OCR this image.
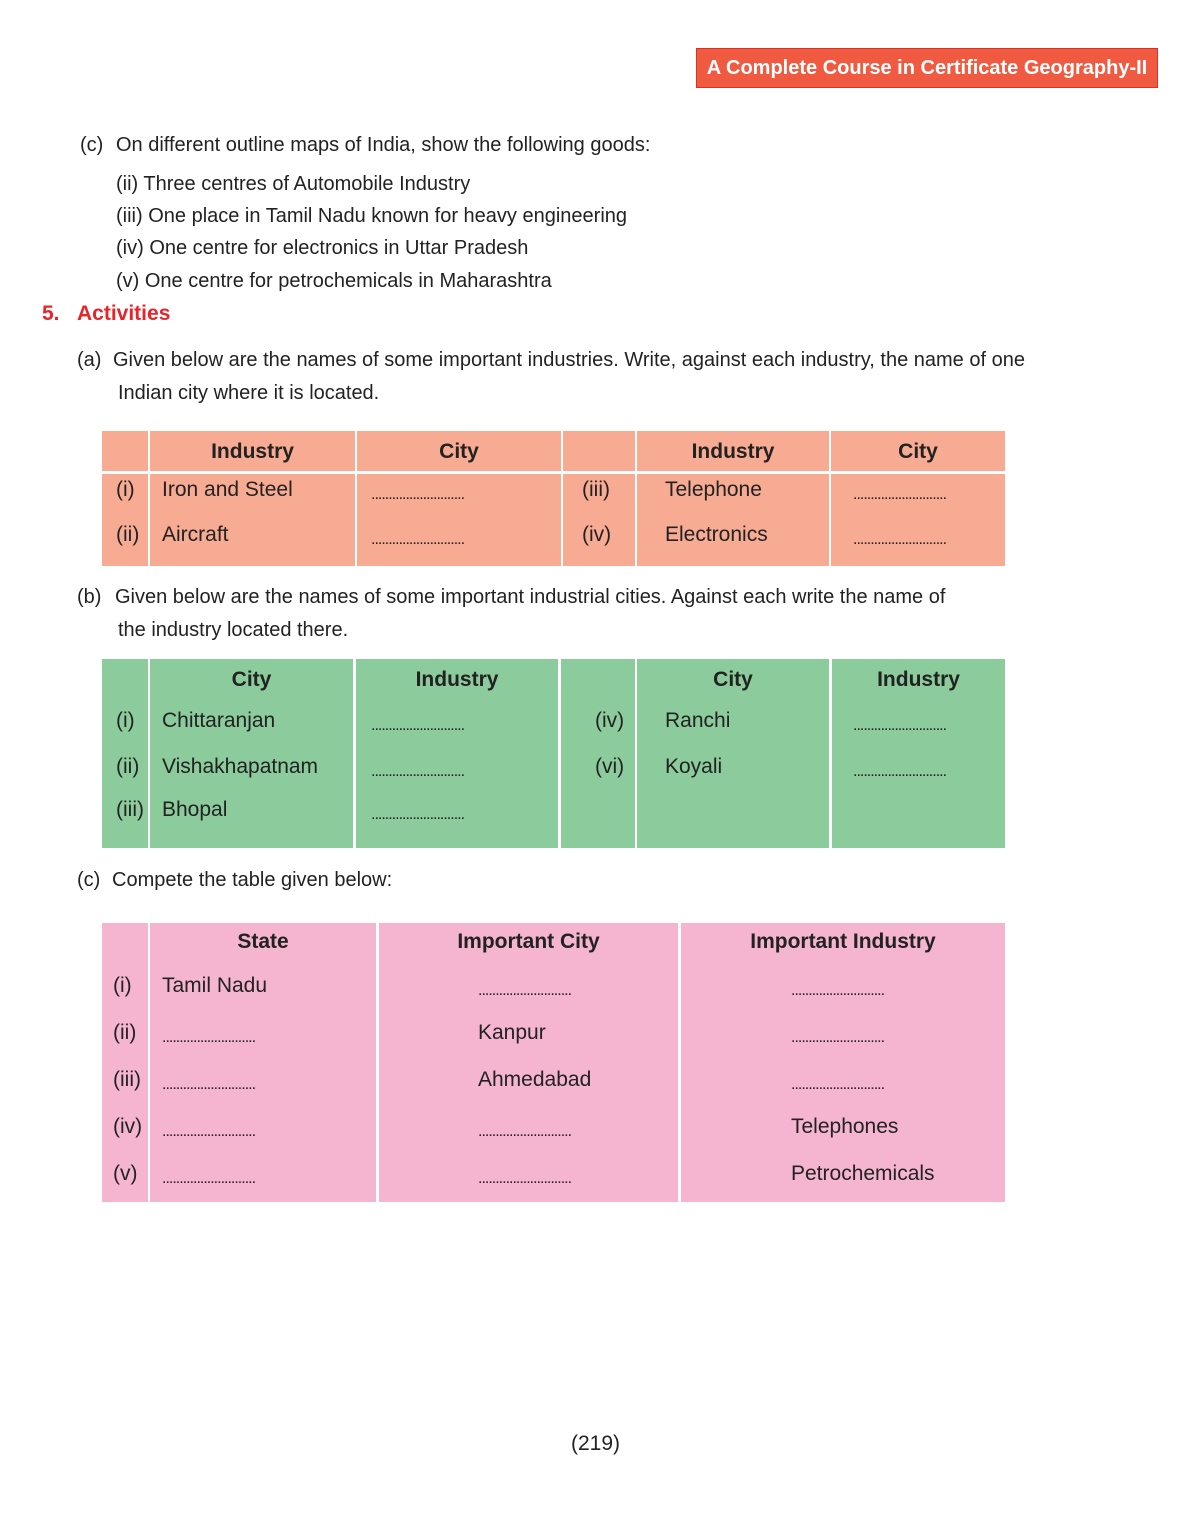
A Complete Course in Certificate Geography-II
(c) On different outline maps of India, show the following goods:
(ii) Three centres of Automobile Industry
(iii) One place in Tamil Nadu known for heavy engineering
(iv) One centre for electronics in Uttar Pradesh
(v) One centre for petrochemicals in Maharashtra
5. Activities
(a) Given below are the names of some important industries. Write, against each industry, the name of one
Indian city where it is located.
Industry	City	Industry	City
(i) Iron and Steel	...........................	(iii)	Telephone	...........................
(ii) Aircraft	...........................	(iv)	Electronics	...........................
(b) Given below are the names of some important industrial cities. Against each write the name of
the industry located there.
City	Industry	City	Industry
(i) Chittaranjan	...........................	(iv) Ranchi	...........................
(ii) Vishakhapatnam	...........................	(vi) Koyali	...........................
(iii) Bhopal	...........................
(c) Compete the table given below:
State	Important City	Important Industry
(i) Tamil Nadu	...........................	...........................
(ii) ...........................	Kanpur	...........................
(iii) ...........................	Ahmedabad	...........................
(iv) ...........................	...........................	Telephones
(v) ...........................	...........................	Petrochemicals
(219)
